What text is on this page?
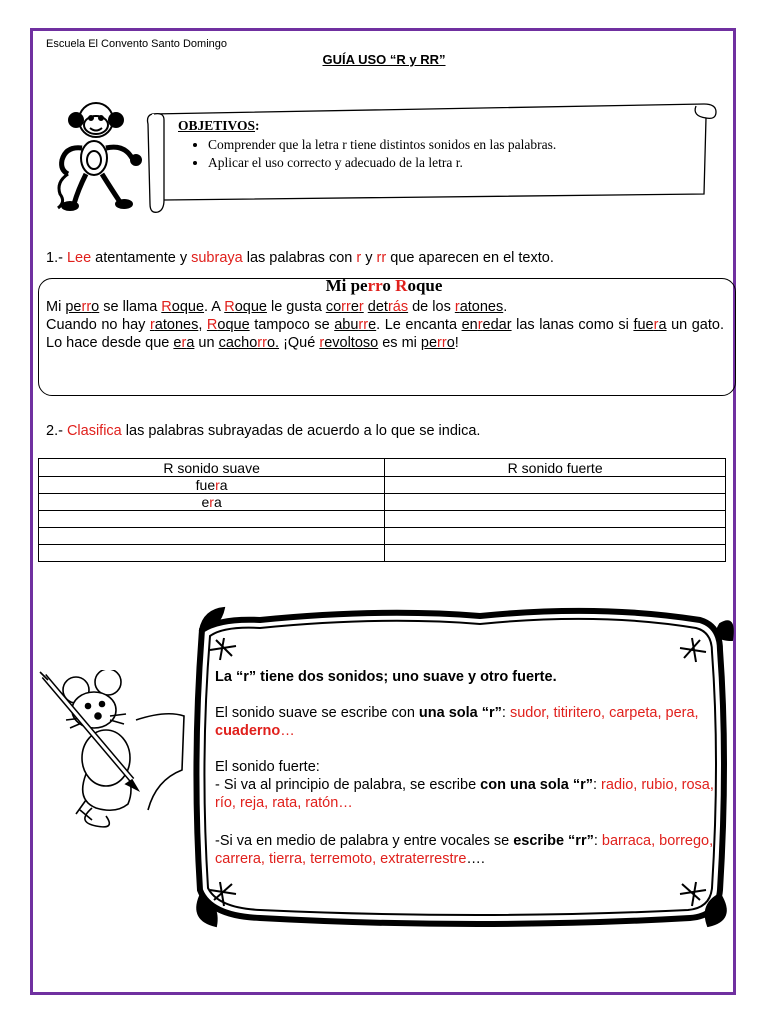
Escuela El Convento Santo Domingo
GUÍA USO “R y RR”
OBJETIVOS:
• Comprender que la letra r tiene distintos sonidos en las palabras.
• Aplicar el uso correcto y adecuado de la letra r.
1.- Lee atentamente y subraya las palabras con r y rr que aparecen en el texto.
Mi perro Roque
Mi perro se llama Roque. A Roque le gusta correr detrás de los ratones.
Cuando no hay ratones, Roque tampoco se aburre. Le encanta enredar las lanas como si fuera un gato. Lo hace desde que era un cachorro. ¡Qué revoltoso es mi perro!
2.- Clasifica las palabras subrayadas de acuerdo a lo que se indica.
R sonido suave	R sonido fuerte
fuera	
era	

La “r” tiene dos sonidos; uno suave y otro fuerte.

El sonido suave se escribe con una sola “r”: sudor, titiritero, carpeta, pera, cuaderno…

El sonido fuerte:
- Si va al principio de palabra, se escribe con una sola “r”: radio, rubio, rosa, río, reja, rata, ratón…

-Si va en medio de palabra y entre vocales se escribe “rr”: barraca, borrego, carrera, tierra, terremoto, extraterrestre….
